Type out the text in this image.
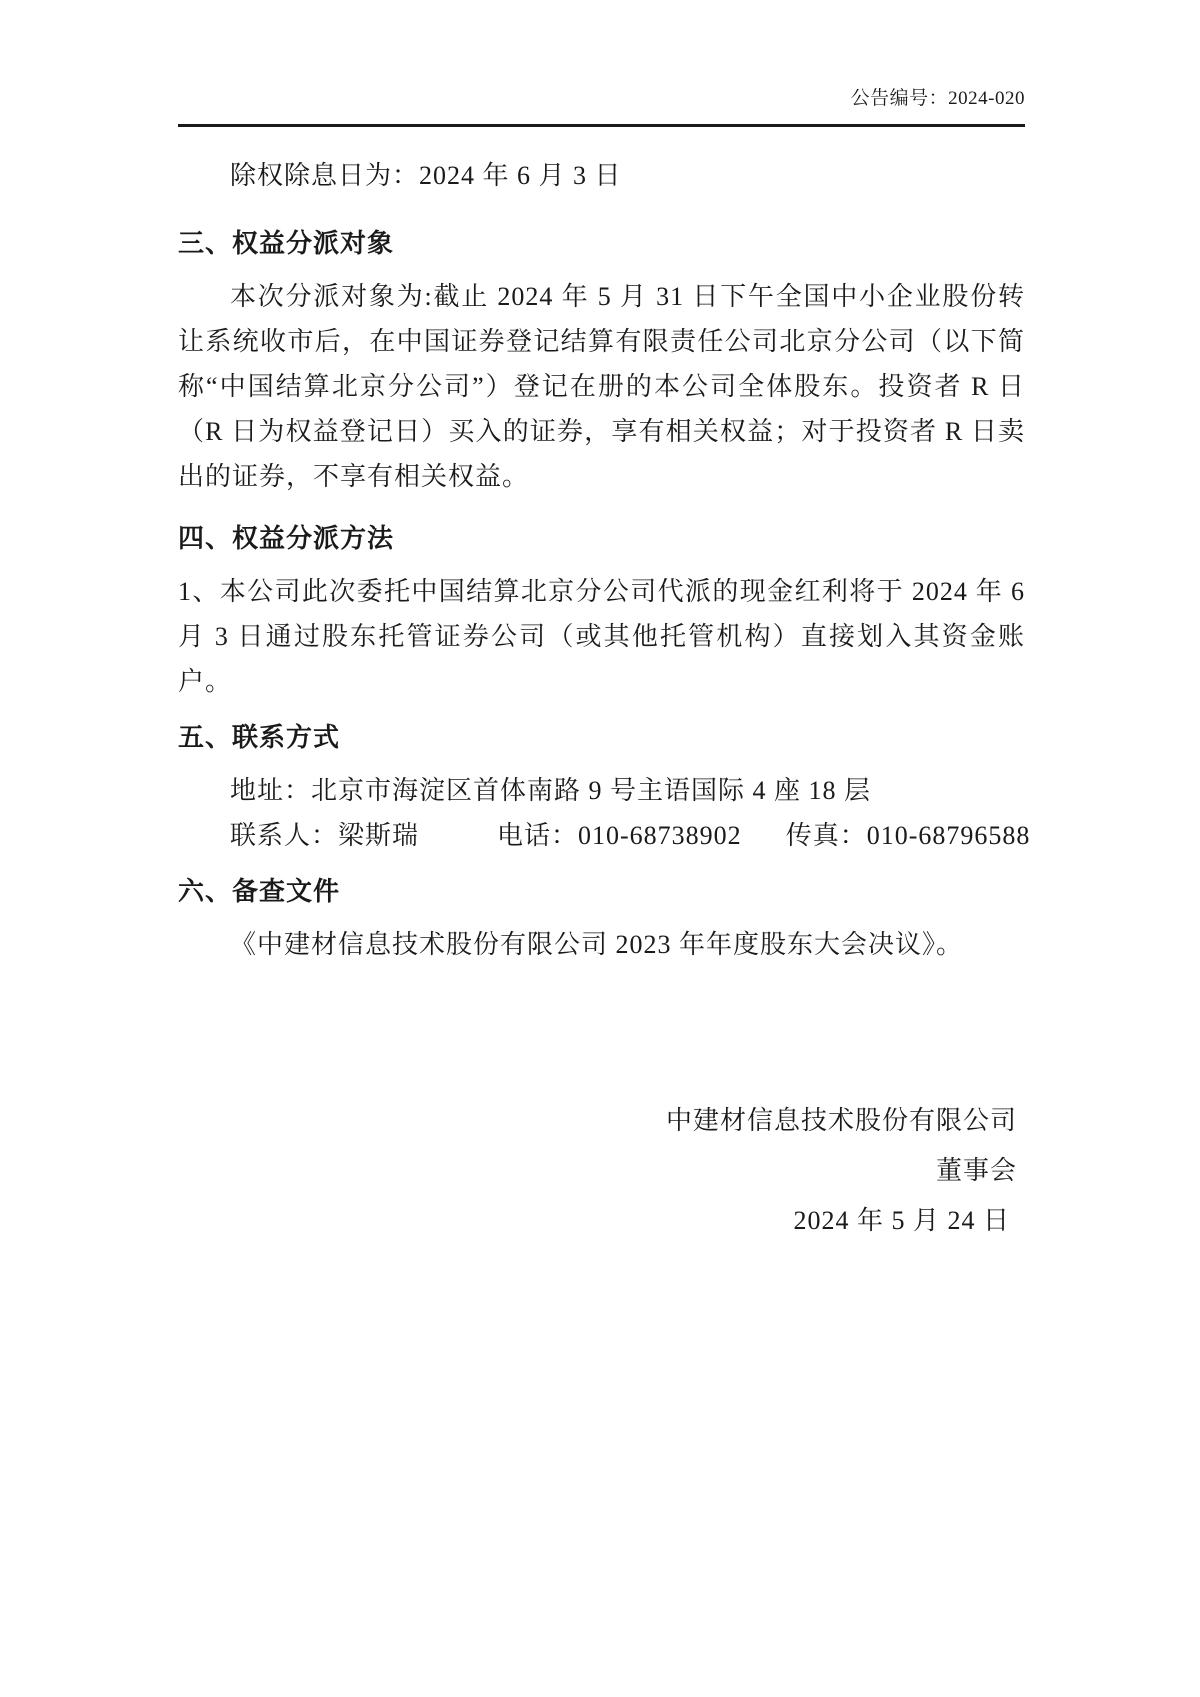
公告编号：2024-020
除权除息日为：2024 年 6 月 3 日
三、权益分派对象
本次分派对象为:截止 2024 年 5 月 31 日下午全国中小企业股份转让系统收市后，在中国证券登记结算有限责任公司北京分公司（以下简称“中国结算北京分公司”）登记在册的本公司全体股东。投资者 R 日（R 日为权益登记日）买入的证券，享有相关权益；对于投资者 R 日卖出的证券，不享有相关权益。
四、权益分派方法
1、本公司此次委托中国结算北京分公司代派的现金红利将于 2024 年 6 月 3 日通过股东托管证券公司（或其他托管机构）直接划入其资金账户。
五、联系方式
地址：北京市海淀区首体南路 9 号主语国际 4 座 18 层
联系人：梁斯瑞	电话：010-68738902 传真：010-68796588
六、备查文件
《中建材信息技术股份有限公司 2023 年年度股东大会决议》。
中建材信息技术股份有限公司
董事会
2024 年 5 月 24 日
